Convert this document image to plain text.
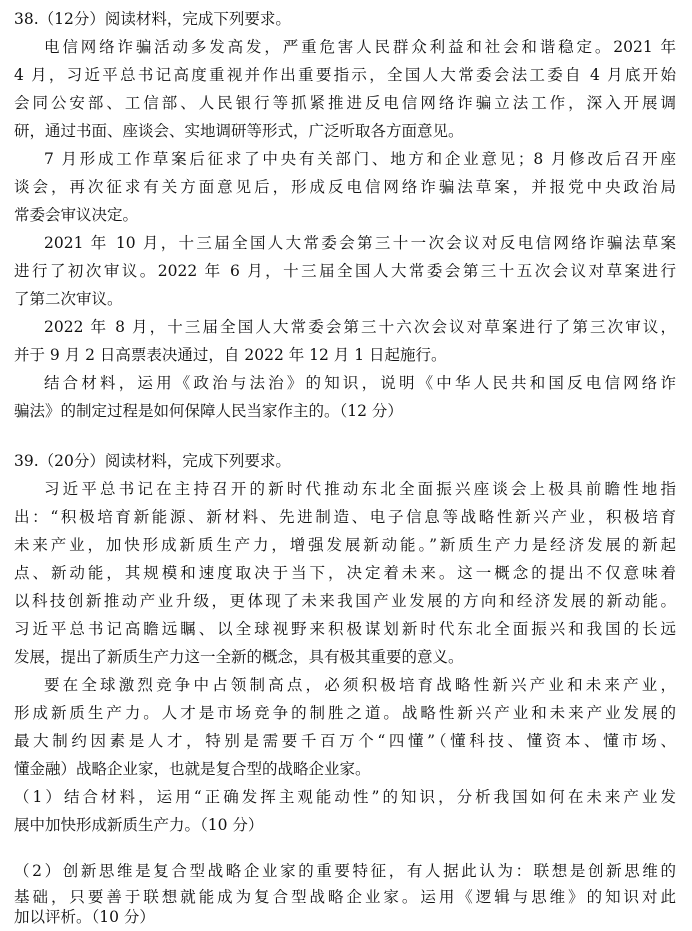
38.（12分）阅读材料，完成下列要求。
电信网络诈骗活动多发高发，严重危害人民群众利益和社会和谐稳定。2021 年
4 月，习近平总书记高度重视并作出重要指示，全国人大常委会法工委自 4 月底开始
会同公安部、工信部、人民银行等抓紧推进反电信网络诈骗立法工作，深入开展调
研，通过书面、座谈会、实地调研等形式，广泛听取各方面意见。
7 月形成工作草案后征求了中央有关部门、地方和企业意见；8 月修改后召开座
谈会，再次征求有关方面意见后，形成反电信网络诈骗法草案，并报党中央政治局
常委会审议决定。
2021 年 10 月，十三届全国人大常委会第三十一次会议对反电信网络诈骗法草案
进行了初次审议。2022 年 6 月，十三届全国人大常委会第三十五次会议对草案进行
了第二次审议。
2022 年 8 月，十三届全国人大常委会第三十六次会议对草案进行了第三次审议，
并于 9 月 2 日高票表决通过，自 2022 年 12 月 1 日起施行。
结合材料，运用《政治与法治》的知识，说明《中华人民共和国反电信网络诈
骗法》的制定过程是如何保障人民当家作主的。（12 分）
39.（20分）阅读材料，完成下列要求。
习近平总书记在主持召开的新时代推动东北全面振兴座谈会上极具前瞻性地指
出：“积极培育新能源、新材料、先进制造、电子信息等战略性新兴产业，积极培育
未来产业，加快形成新质生产力，增强发展新动能。”新质生产力是经济发展的新起
点、新动能，其规模和速度取决于当下，决定着未来。这一概念的提出不仅意味着
以科技创新推动产业升级，更体现了未来我国产业发展的方向和经济发展的新动能。
习近平总书记高瞻远瞩、以全球视野来积极谋划新时代东北全面振兴和我国的长远
发展，提出了新质生产力这一全新的概念，具有极其重要的意义。
要在全球激烈竞争中占领制高点，必须积极培育战略性新兴产业和未来产业，
形成新质生产力。人才是市场竞争的制胜之道。战略性新兴产业和未来产业发展的
最大制约因素是人才，特别是需要千百万个“四懂”（懂科技、懂资本、懂市场、
懂金融）战略企业家，也就是复合型的战略企业家。
（1）结合材料，运用“正确发挥主观能动性”的知识，分析我国如何在未来产业发
展中加快形成新质生产力。（10 分）
（2）创新思维是复合型战略企业家的重要特征，有人据此认为：联想是创新思维的
基础，只要善于联想就能成为复合型战略企业家。运用《逻辑与思维》的知识对此
加以评析。（10 分）
